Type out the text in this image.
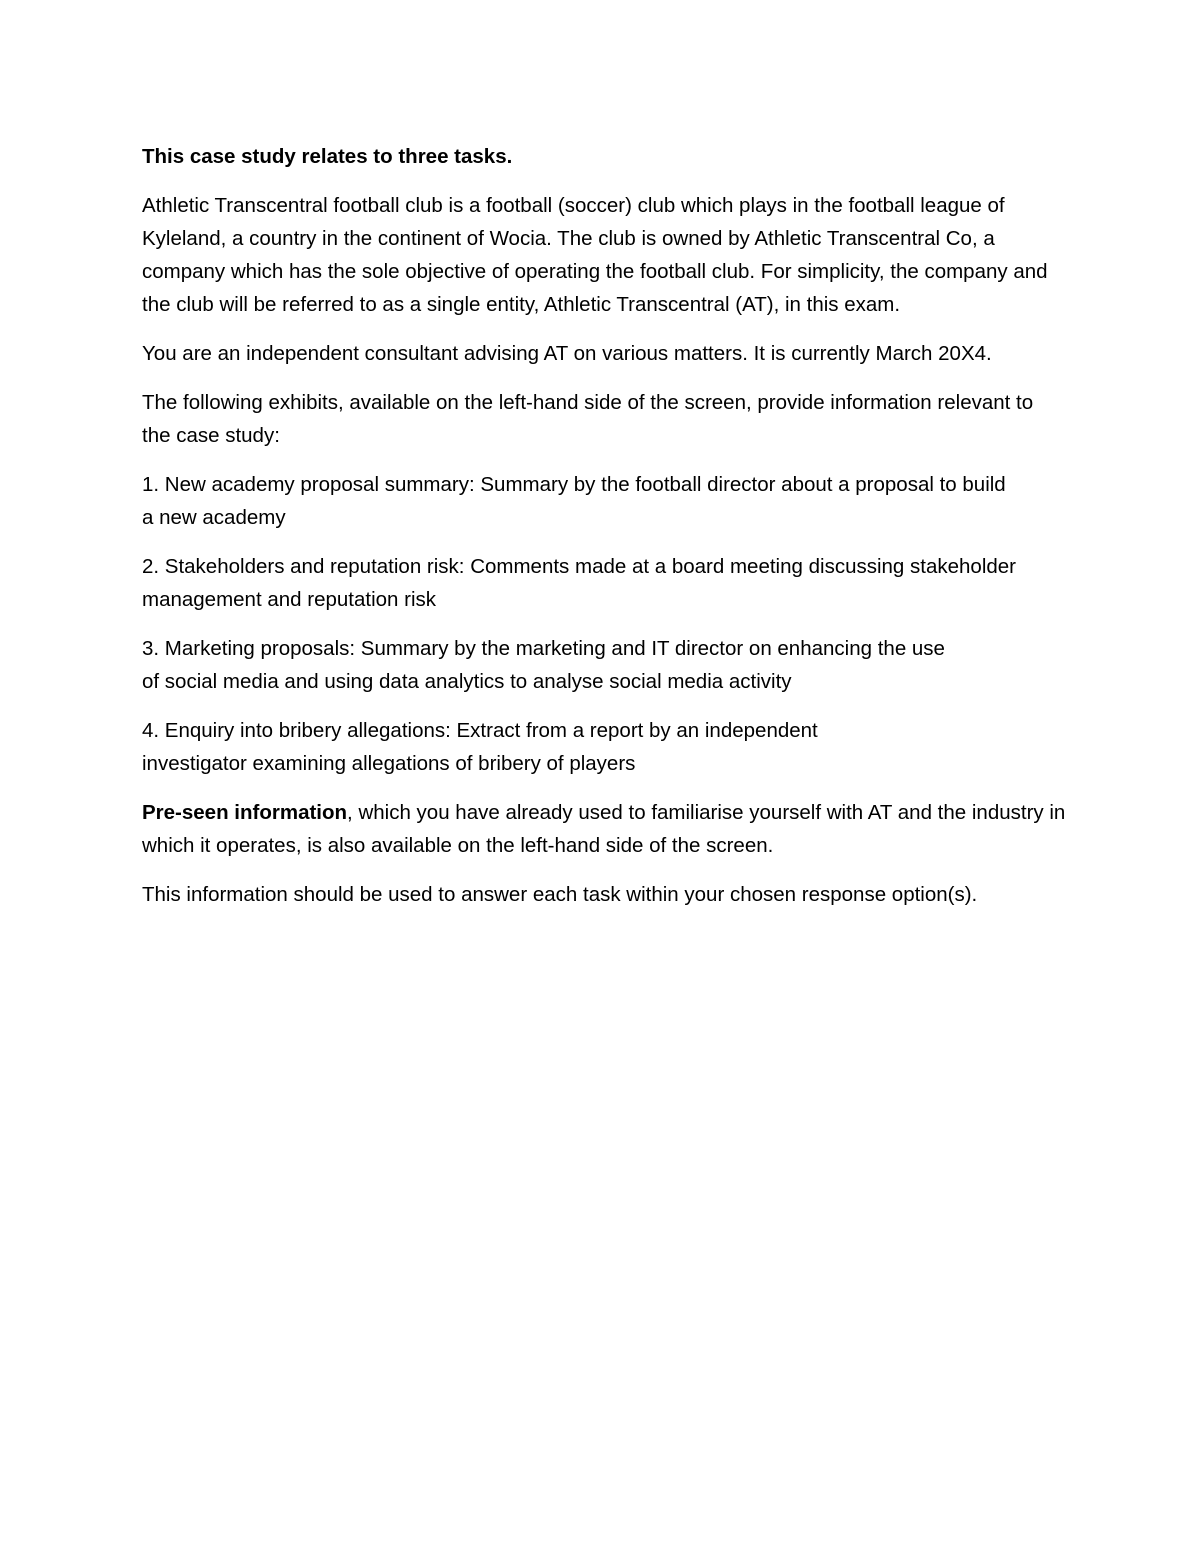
This case study relates to three tasks.

Athletic Transcentral football club is a football (soccer) club which plays in the football league of Kyleland, a country in the continent of Wocia. The club is owned by Athletic Transcentral Co, a company which has the sole objective of operating the football club. For simplicity, the company and the club will be referred to as a single entity, Athletic Transcentral (AT), in this exam.

You are an independent consultant advising AT on various matters. It is currently March 20X4.

The following exhibits, available on the left-hand side of the screen, provide information relevant to the case study:

1. New academy proposal summary: Summary by the football director about a proposal to build
a new academy

2. Stakeholders and reputation risk: Comments made at a board meeting discussing stakeholder
management and reputation risk

3. Marketing proposals: Summary by the marketing and IT director on enhancing the use
of social media and using data analytics to analyse social media activity

4. Enquiry into bribery allegations: Extract from a report by an independent
investigator examining allegations of bribery of players

Pre-seen information, which you have already used to familiarise yourself with AT and the industry in which it operates, is also available on the left-hand side of the screen.

This information should be used to answer each task within your chosen response option(s).
